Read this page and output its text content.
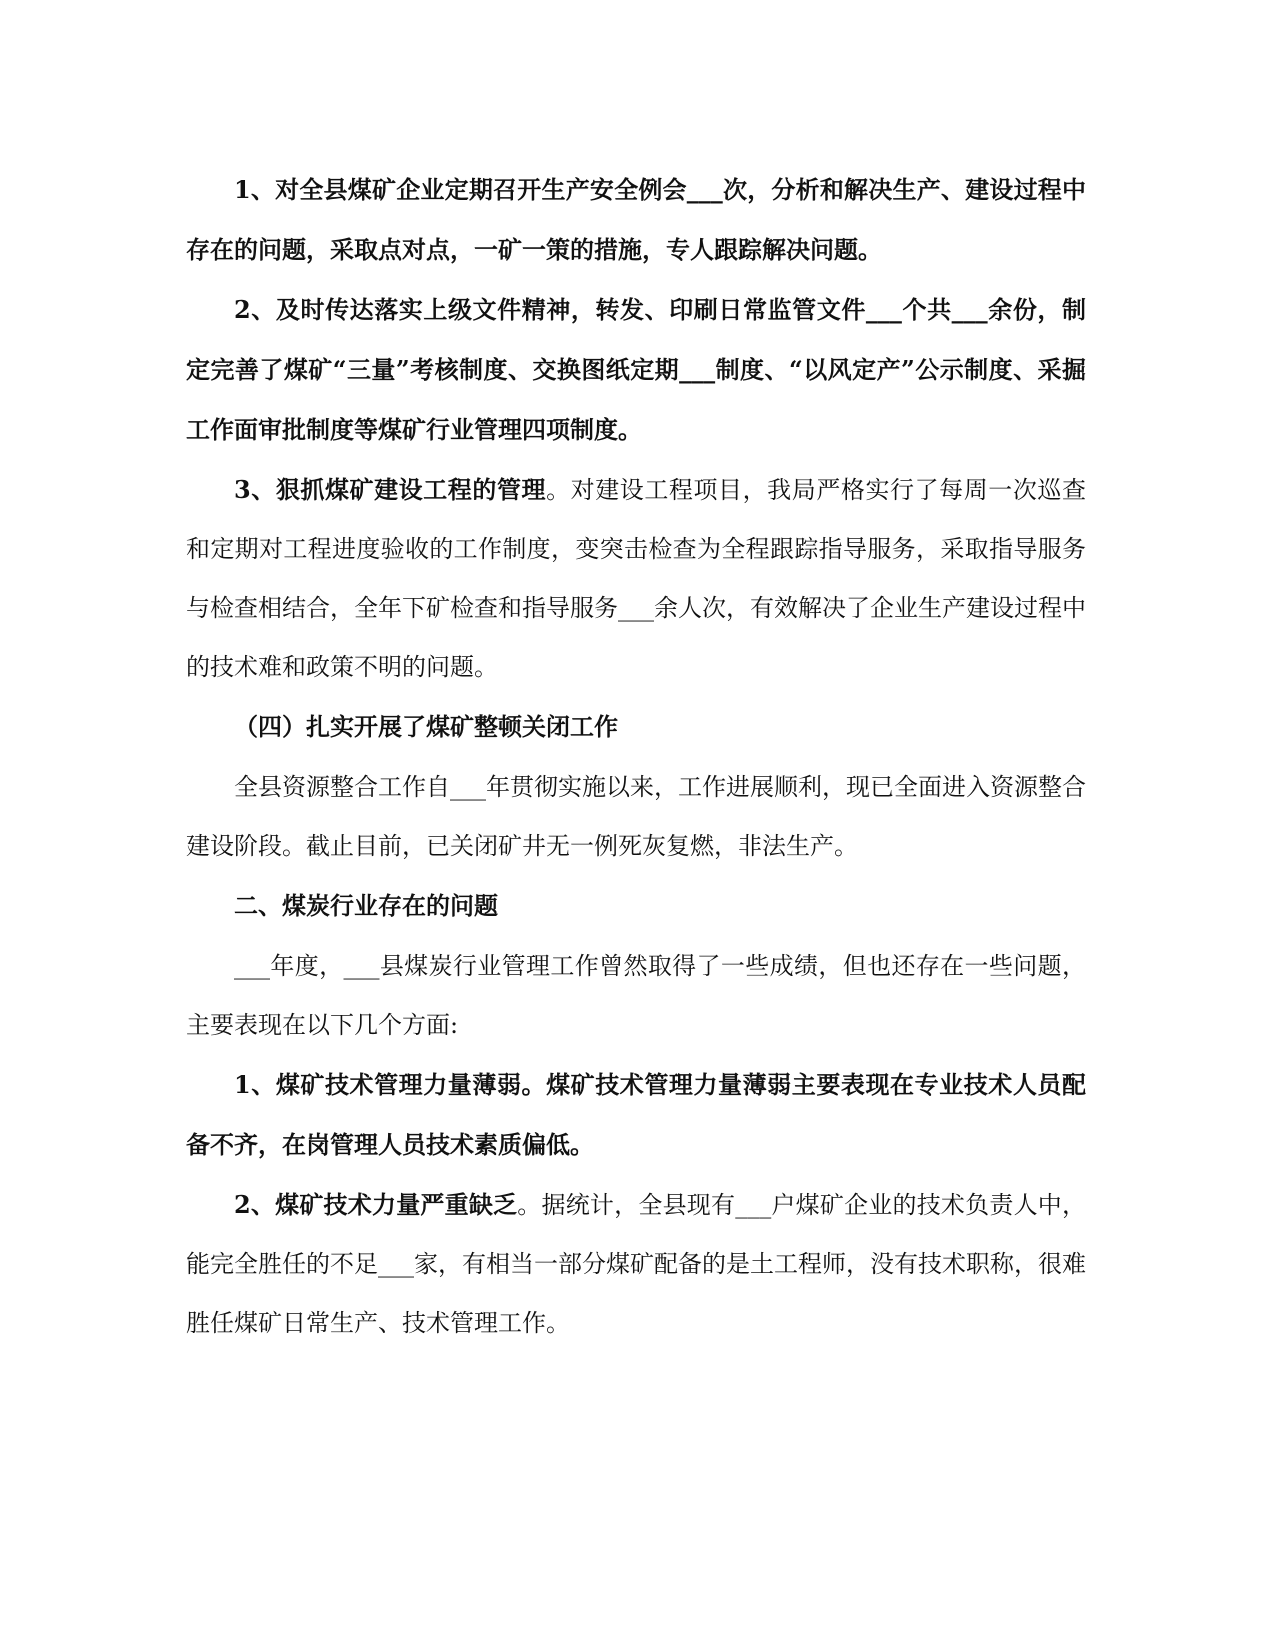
1、对全县煤矿企业定期召开生产安全例会___次，分析和解决生产、建设过程中存在的问题，采取点对点，一矿一策的措施，专人跟踪解决问题。

2、及时传达落实上级文件精神，转发、印刷日常监管文件___个共___余份，制定完善了煤矿“三量”考核制度、交换图纸定期___制度、“以风定产”公示制度、采掘工作面审批制度等煤矿行业管理四项制度。

3、狠抓煤矿建设工程的管理。对建设工程项目，我局严格实行了每周一次巡查和定期对工程进度验收的工作制度，变突击检查为全程跟踪指导服务，采取指导服务与检查相结合，全年下矿检查和指导服务___余人次，有效解决了企业生产建设过程中的技术难和政策不明的问题。

（四）扎实开展了煤矿整顿关闭工作

全县资源整合工作自___年贯彻实施以来，工作进展顺利，现已全面进入资源整合建设阶段。截止目前，已关闭矿井无一例死灰复燃，非法生产。

二、煤炭行业存在的问题

___年度，___县煤炭行业管理工作曾然取得了一些成绩，但也还存在一些问题，主要表现在以下几个方面:

1、煤矿技术管理力量薄弱。煤矿技术管理力量薄弱主要表现在专业技术人员配备不齐，在岗管理人员技术素质偏低。

2、煤矿技术力量严重缺乏。据统计，全县现有___户煤矿企业的技术负责人中，能完全胜任的不足___家，有相当一部分煤矿配备的是土工程师，没有技术职称，很难胜任煤矿日常生产、技术管理工作。
